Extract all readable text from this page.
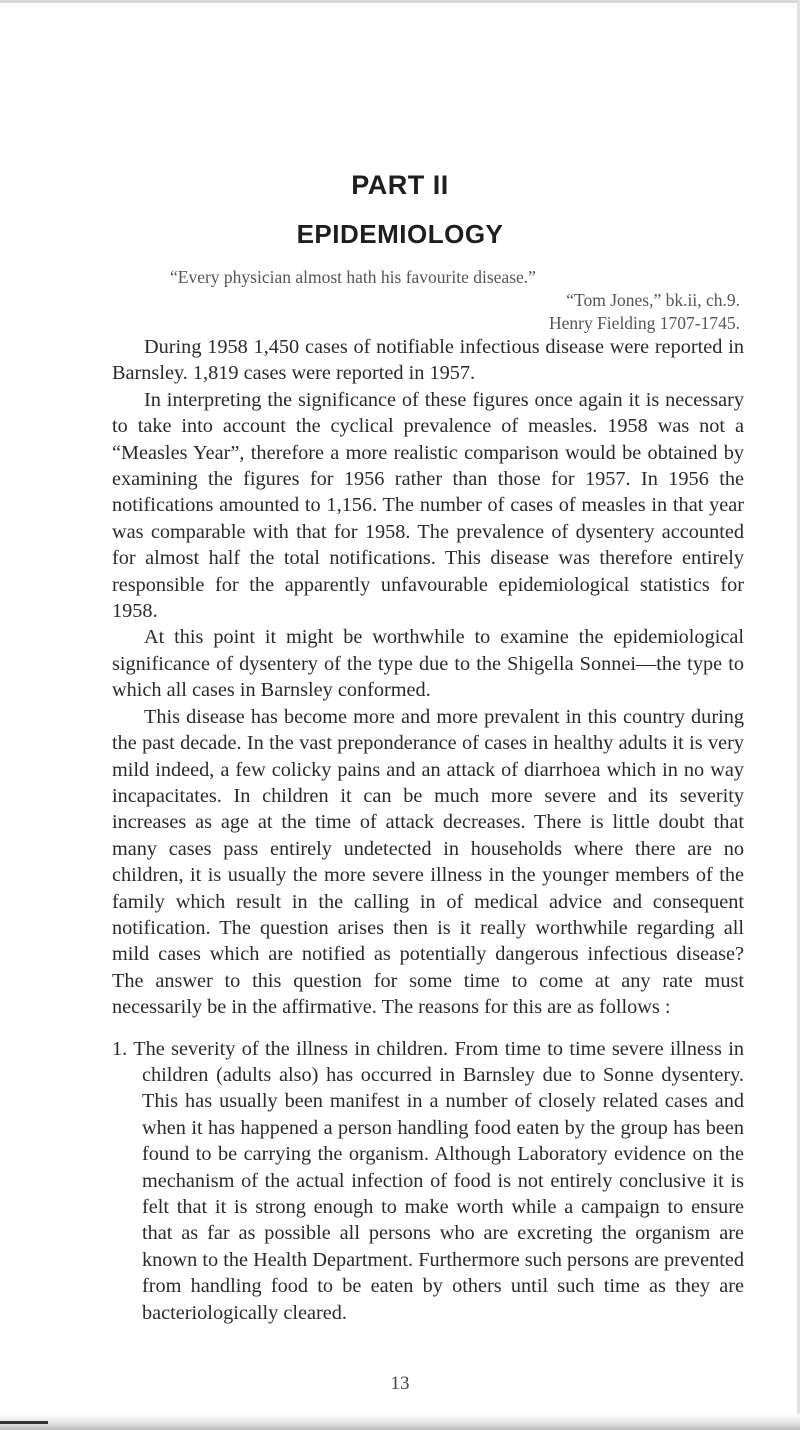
PART II
EPIDEMIOLOGY
“Every physician almost hath his favourite disease.”
“Tom Jones,” bk.ii, ch.9.
Henry Fielding 1707-1745.

During 1958 1,450 cases of notifiable infectious disease were reported in Barnsley. 1,819 cases were reported in 1957.

In interpreting the significance of these figures once again it is necessary to take into account the cyclical prevalence of measles. 1958 was not a “Measles Year”, therefore a more realistic comparison would be obtained by examining the figures for 1956 rather than those for 1957. In 1956 the notifications amounted to 1,156. The number of cases of measles in that year was comparable with that for 1958. The prevalence of dysentery accounted for almost half the total notifications. This disease was therefore entirely responsible for the apparently unfavourable epidemiological statistics for 1958.

At this point it might be worthwhile to examine the epidemiological significance of dysentery of the type due to the Shigella Sonnei—the type to which all cases in Barnsley conformed.

This disease has become more and more prevalent in this country during the past decade. In the vast preponderance of cases in healthy adults it is very mild indeed, a few colicky pains and an attack of diarrhoea which in no way incapacitates. In children it can be much more severe and its severity increases as age at the time of attack decreases. There is little doubt that many cases pass entirely undetected in households where there are no children, it is usually the more severe illness in the younger members of the family which result in the calling in of medical advice and consequent notification. The question arises then is it really worthwhile regarding all mild cases which are notified as potentially dangerous infectious disease? The answer to this question for some time to come at any rate must necessarily be in the affirmative. The reasons for this are as follows :

1. The severity of the illness in children. From time to time severe illness in children (adults also) has occurred in Barnsley due to Sonne dysentery. This has usually been manifest in a number of closely related cases and when it has happened a person handling food eaten by the group has been found to be carrying the organism. Although Laboratory evidence on the mechanism of the actual infection of food is not entirely conclusive it is felt that it is strong enough to make worth while a campaign to ensure that as far as possible all persons who are excreting the organism are known to the Health Department. Furthermore such persons are prevented from handling food to be eaten by others until such time as they are bacteriologically cleared.

13
